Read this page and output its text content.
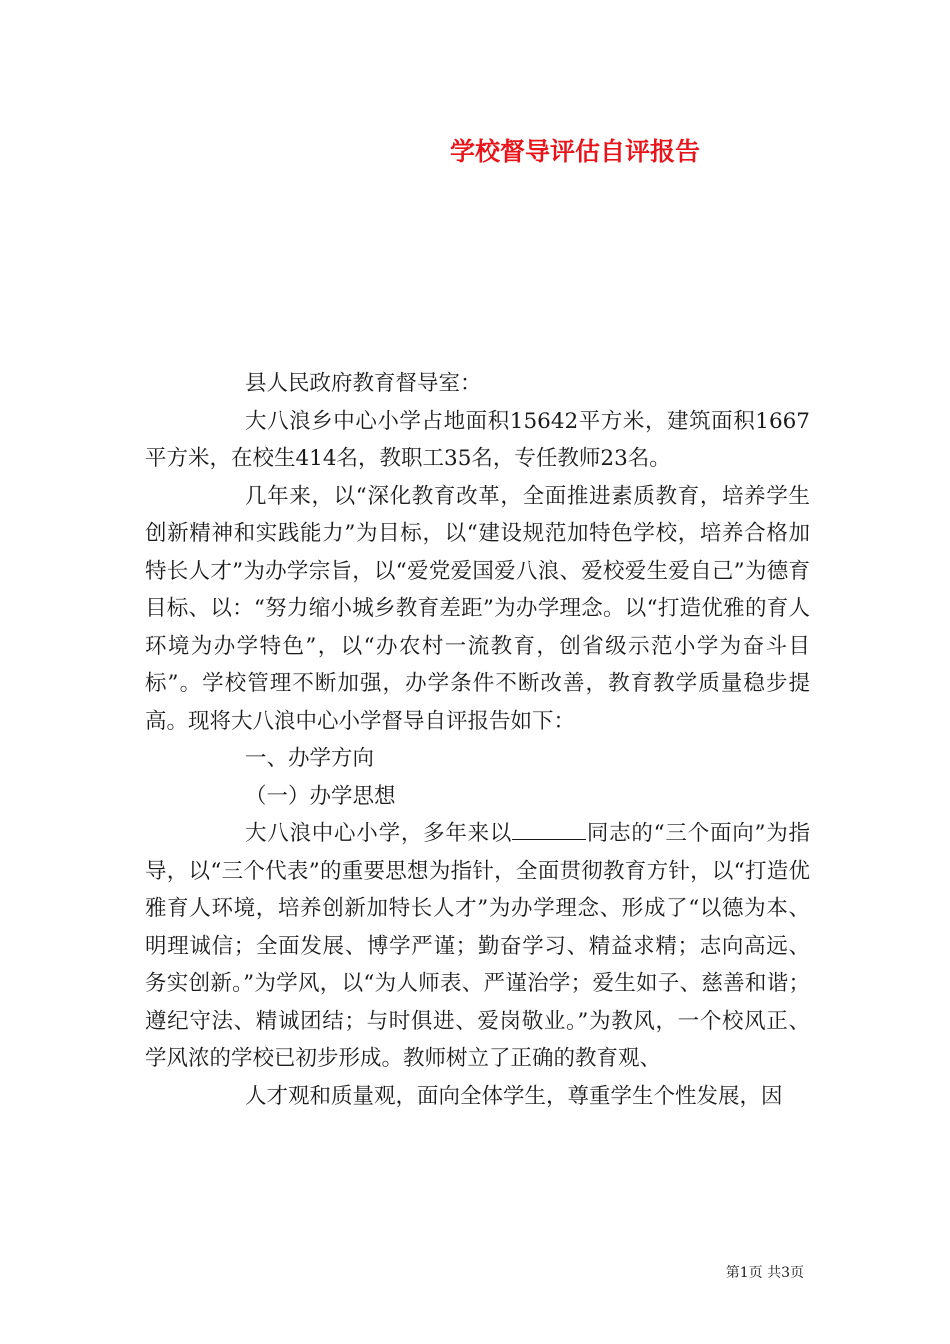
学校督导评估自评报告

县人民政府教育督导室：

大八浪乡中心小学占地面积15642平方米，建筑面积1667平方米，在校生414名，教职工35名，专任教师23名。

几年来，以“深化教育改革，全面推进素质教育，培养学生创新精神和实践能力”为目标，以“建设规范加特色学校，培养合格加特长人才”为办学宗旨，以“爱党爱国爱八浪、爱校爱生爱自己”为德育目标、以：“努力缩小城乡教育差距”为办学理念。以“打造优雅的育人环境为办学特色”，以“办农村一流教育，创省级示范小学为奋斗目标”。学校管理不断加强，办学条件不断改善，教育教学质量稳步提高。现将大八浪中心小学督导自评报告如下：

一、办学方向

（一）办学思想

大八浪中心小学，多年来以	同志的“三个面向”为指导，以“三个代表”的重要思想为指针，全面贯彻教育方针，以“打造优雅育人环境，培养创新加特长人才”为办学理念、形成了“以德为本、明理诚信；全面发展、博学严谨；勤奋学习、精益求精；志向高远、务实创新。”为学风，以“为人师表、严谨治学；爱生如子、慈善和谐；遵纪守法、精诚团结；与时俱进、爱岗敬业。”为教风，一个校风正、学风浓的学校已初步形成。教师树立了正确的教育观、

人才观和质量观，面向全体学生，尊重学生个性发展，因

第1页 共3页
